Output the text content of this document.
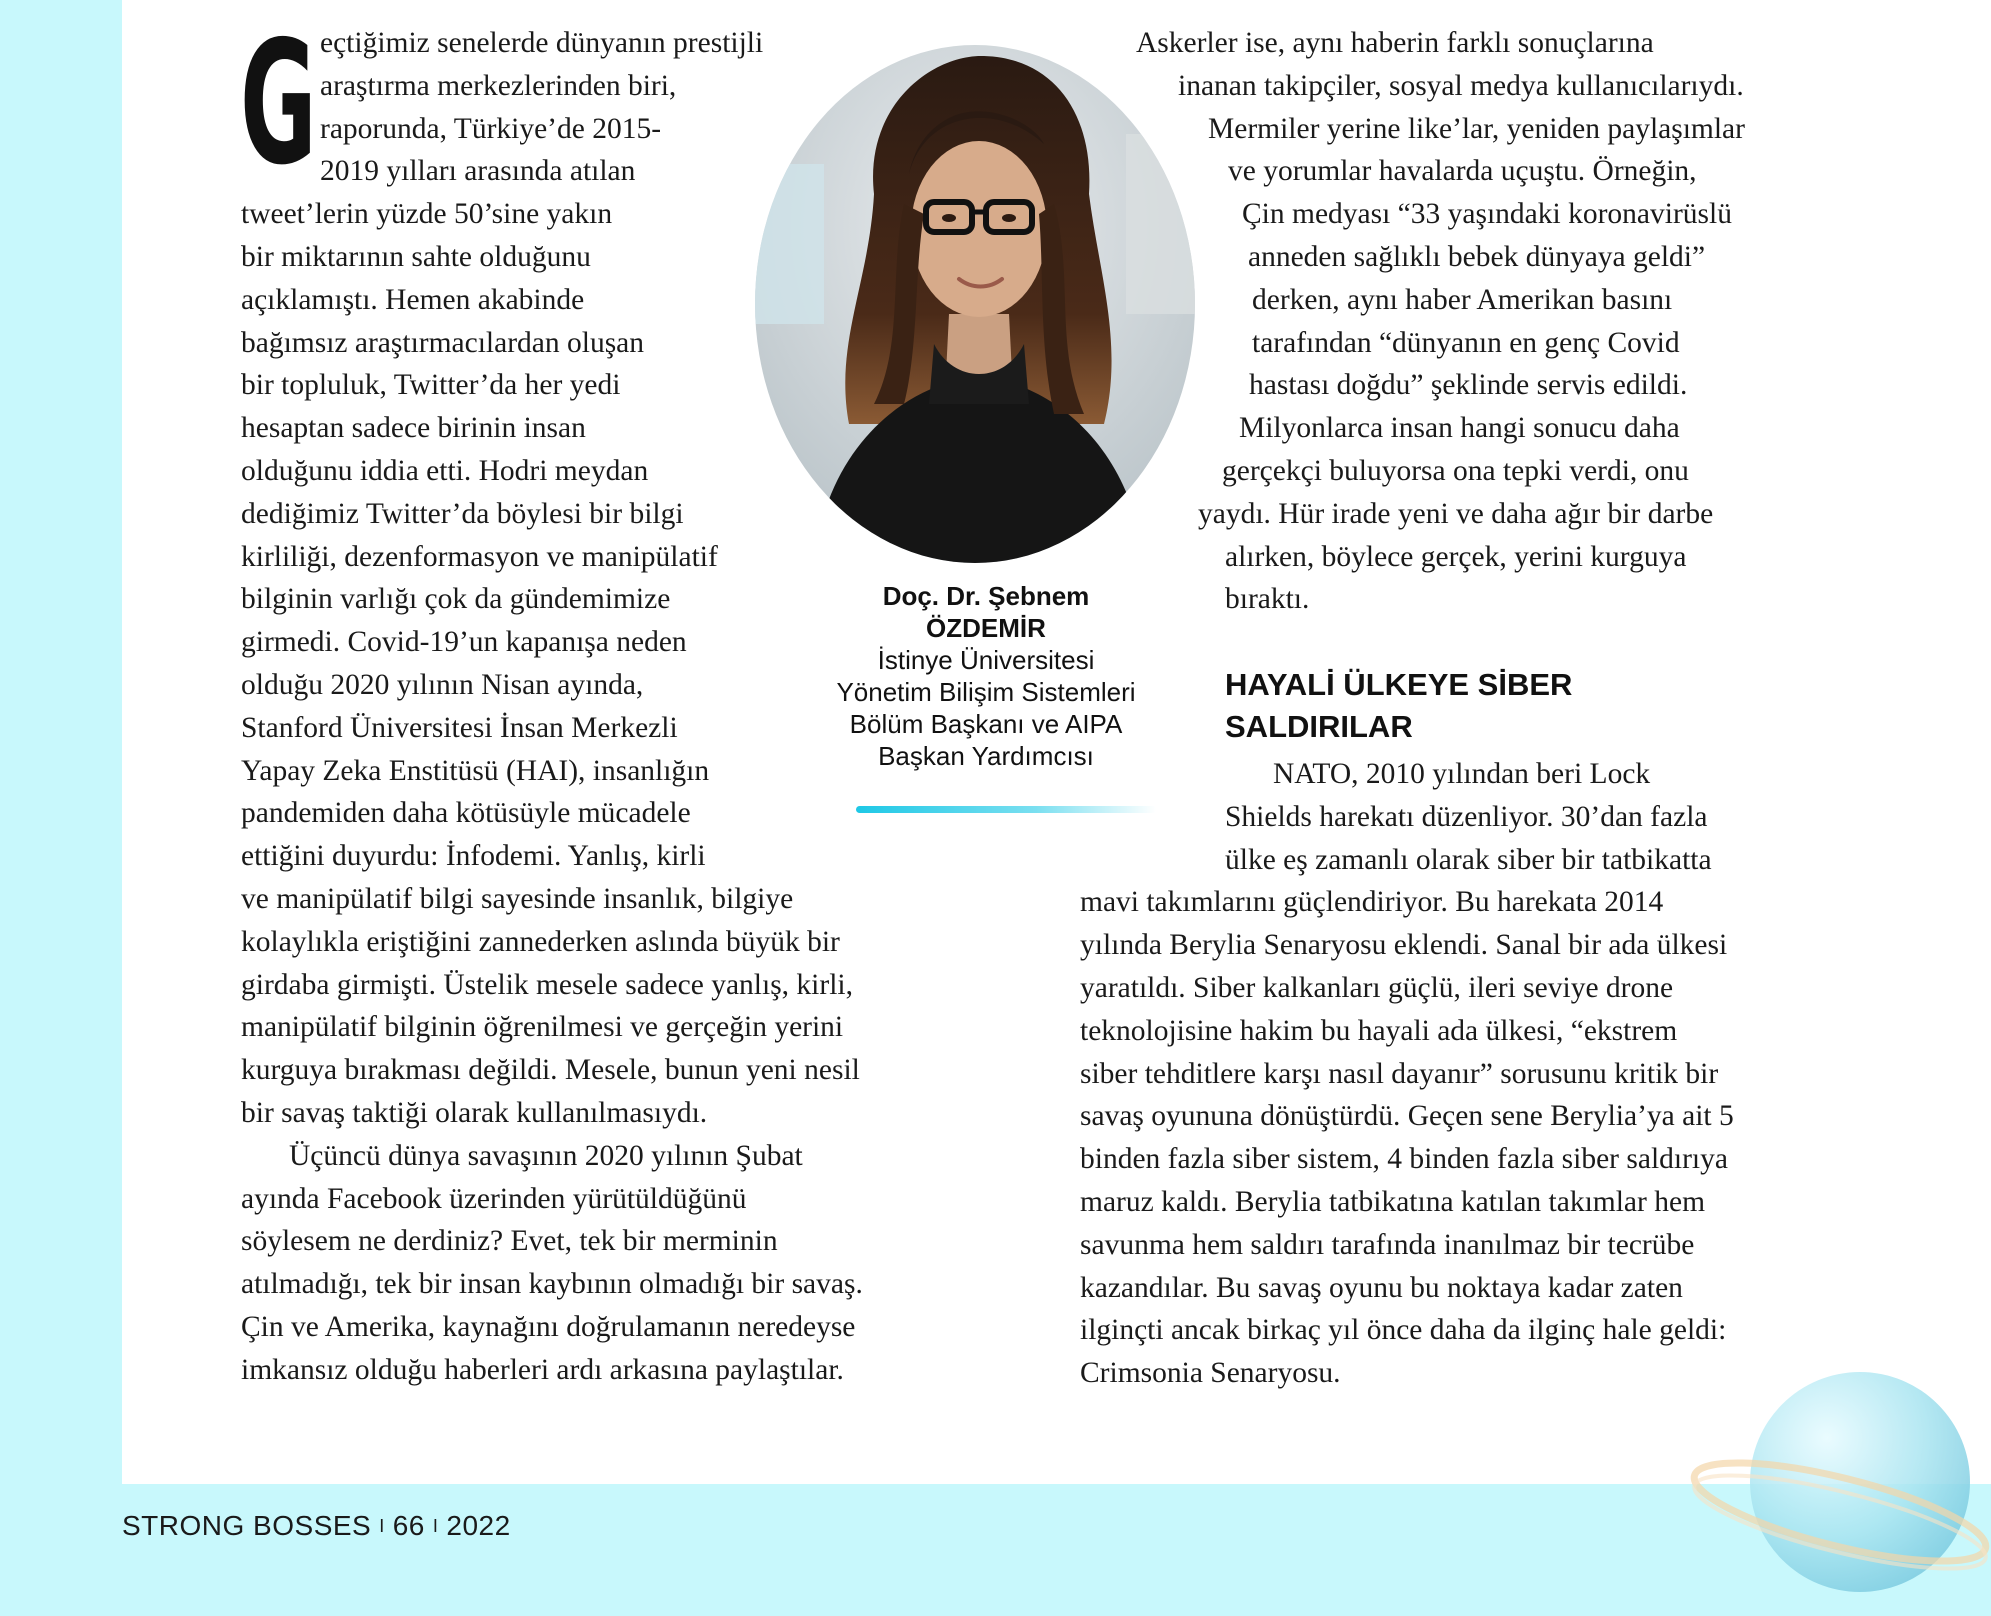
G eçtiğimiz senelerde dünyanın prestijli
araştırma merkezlerinden biri,
raporunda, Türkiye’de 2015-
2019 yılları arasında atılan
tweet’lerin yüzde 50’sine yakın
bir miktarının sahte olduğunu
açıklamıştı. Hemen akabinde
bağımsız araştırmacılardan oluşan
bir topluluk, Twitter’da her yedi
hesaptan sadece birinin insan
olduğunu iddia etti. Hodri meydan
dediğimiz Twitter’da böylesi bir bilgi
kirliliği, dezenformasyon ve manipülatif
bilginin varlığı çok da gündemimize
girmedi. Covid-19’un kapanışa neden
olduğu 2020 yılının Nisan ayında,
Stanford Üniversitesi İnsan Merkezli
Yapay Zeka Enstitüsü (HAI), insanlığın
pandemiden daha kötüsüyle mücadele
ettiğini duyurdu: İnfodemi. Yanlış, kirli
ve manipülatif bilgi sayesinde insanlık, bilgiye
kolaylıkla eriştiğini zannederken aslında büyük bir
girdaba girmişti. Üstelik mesele sadece yanlış, kirli,
manipülatif bilginin öğrenilmesi ve gerçeğin yerini
kurguya bırakması değildi. Mesele, bunun yeni nesil
bir savaş taktiği olarak kullanılmasıydı.
Üçüncü dünya savaşının 2020 yılının Şubat
ayında Facebook üzerinden yürütüldüğünü
söylesem ne derdiniz? Evet, tek bir merminin
atılmadığı, tek bir insan kaybının olmadığı bir savaş.
Çin ve Amerika, kaynağını doğrulamanın neredeyse
imkansız olduğu haberleri ardı arkasına paylaştılar.
Doç. Dr. Şebnem
ÖZDEMİR
İstinye Üniversitesi
Yönetim Bilişim Sistemleri
Bölüm Başkanı ve AIPA
Başkan Yardımcısı
Askerler ise, aynı haberin farklı sonuçlarına
inanan takipçiler, sosyal medya kullanıcılarıydı.
Mermiler yerine like’lar, yeniden paylaşımlar
ve yorumlar havalarda uçuştu. Örneğin,
Çin medyası “33 yaşındaki koronavirüslü
anneden sağlıklı bebek dünyaya geldi”
derken, aynı haber Amerikan basını
tarafından “dünyanın en genç Covid
hastası doğdu” şeklinde servis edildi.
Milyonlarca insan hangi sonucu daha
gerçekçi buluyorsa ona tepki verdi, onu
yaydı. Hür irade yeni ve daha ağır bir darbe
alırken, böylece gerçek, yerini kurguya
bıraktı.
HAYALİ ÜLKEYE SİBER
SALDIRILAR
NATO, 2010 yılından beri Lock
Shields harekatı düzenliyor. 30’dan fazla
ülke eş zamanlı olarak siber bir tatbikatta
mavi takımlarını güçlendiriyor. Bu harekata 2014
yılında Berylia Senaryosu eklendi. Sanal bir ada ülkesi
yaratıldı. Siber kalkanları güçlü, ileri seviye drone
teknolojisine hakim bu hayali ada ülkesi, “ekstrem
siber tehditlere karşı nasıl dayanır” sorusunu kritik bir
savaş oyununa dönüştürdü. Geçen sene Berylia’ya ait 5
binden fazla siber sistem, 4 binden fazla siber saldırıya
maruz kaldı. Berylia tatbikatına katılan takımlar hem
savunma hem saldırı tarafında inanılmaz bir tecrübe
kazandılar. Bu savaş oyunu bu noktaya kadar zaten
ilginçti ancak birkaç yıl önce daha da ilginç hale geldi:
Crimsonia Senaryosu.
STRONG BOSSES I 66 I 2022
